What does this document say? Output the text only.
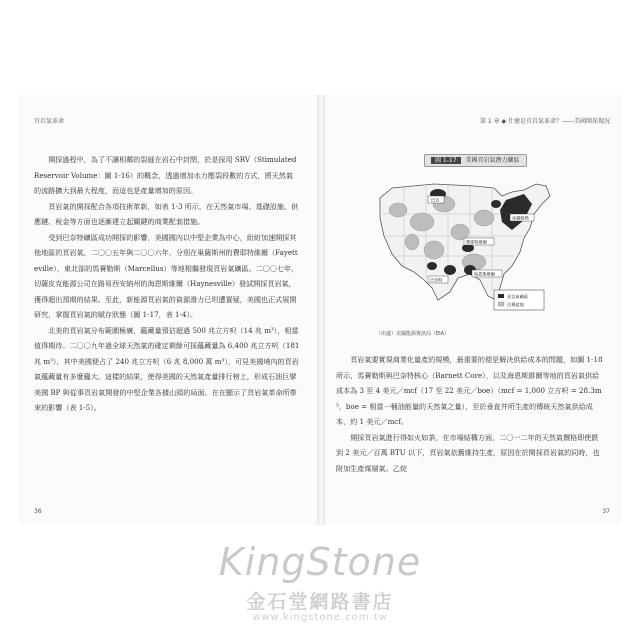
頁岩氣革命	第 1 章 ◆ 什麼是頁岩氣革命？——美國開採現況

開採過程中，為了不讓相鄰的裂縫在岩石中封閉，於是採用 SRV（Stimulated Reservoir Volume：圖 1-16）的概念，透過增加水力壓裂段數的方式，將天然氣的流路擴大到最大程度，而這也是產量增加的原因。

頁岩氣的開採配合各項技術革新，如表 1-3 所示，在天然氣市場、基礎設施、供應鏈、稅金等方面也逐漸建立起關鍵的商業配套措施。

受到巴奈特礦區成功開採的影響，美國國內以中堅企業為中心，紛紛加速開採其他地區的頁岩氣，二〇〇五年與二〇〇六年，分別在巢薩斯州的費耶特維爾（Fayetteville），東北部的馬賽勒斯（Marcellus）等地相繼發現頁岩氣礦區。二〇〇七年，切薩皮克能源公司在路易西安納州的海恩斯維爾（Haynesville）發試開採頁岩氣，獲得超出預期的結果。至此，新能源頁岩氣的資源潛力已坦遭置疑，美國也正式展開研究，掌握頁岩氣的賦存狀態（圖 1-17，表 1-4）。

北美的頁岩氣分布範圍極廣，蘊藏量預估超過 500 兆立方呎（14 兆 m³），相當值得期待。二〇〇九年過全球天然氣的確定剩餘可採蘊藏量為 6,400 兆立方呎（181 兆 m³），其中美國便占了 240 兆立方呎（6 兆 8,000 萬 m³），可見美國境內的頁岩氣蘊藏量有多麼龐大。這樣的結果，使得美國的天然氣產量排行榜上，形成石油巨擘美國 BP 與從事頁岩氣開發的中堅企業各據山頭的局面。在在顯示了頁岩氣革命所帶來的影響（表 1-5）。

圖 1-17 美國頁岩氣潛力礦區
巴肯
馬賽勒斯
費耶特維爾
海恩斯維爾
巴奈特
頁岩氣礦區
沉積盆地
（出處）美國能源資訊局（EIA）

頁岩氣要實現商業化量產的規模，最重要的便是解決供給成本的問題，如圖 1-18 所示，馬賽勒斯與巴奈特核心（Barnett Core），以及海恩斯維爾等地的頁岩氣供給成本為 3 至 4 美元／mcf（17 至 22 美元／boe）（mcf = 1,000 立方呎 = 28.3m³，boe = 相當一桶油能量的天然氣之量），至於垂直井所生產的傳統天然氣供給成本，約 1 美元／mcf。

開採頁岩氣進行得如火如荼，在市場結構方面，二〇一二年的天然氣價格即使跌到 2 美元／百萬 BTU 以下，頁岩氣依舊維持生產，原因在於開採頁岩氣的同時，也附加生產煤層氣、乙烷

36	37
KingStone
金石堂網路書店
www.kingstone.com.tw
